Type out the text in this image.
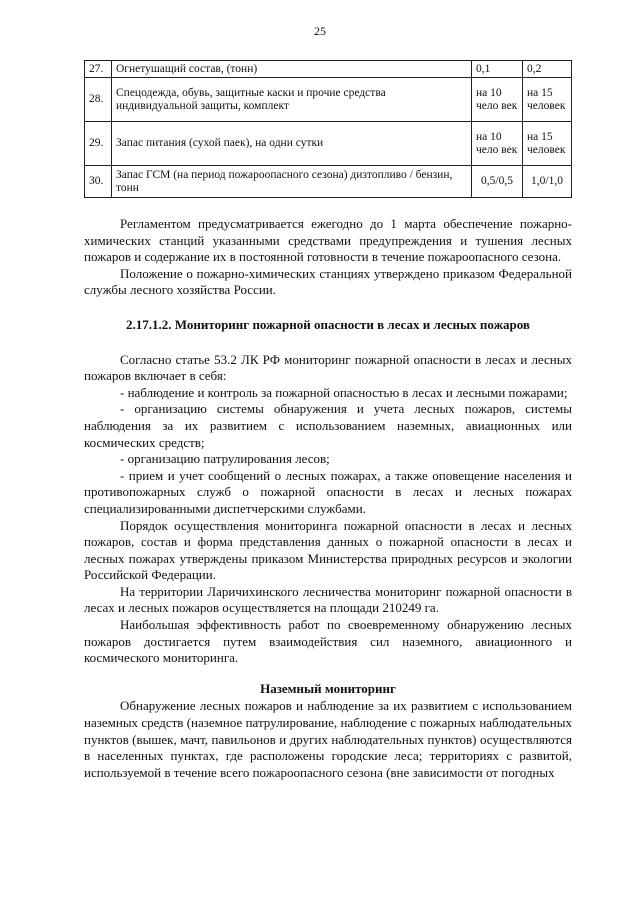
25
27.	Огнетушащий состав, (тонн)	0,1	0,2
28.	Спецодежда, обувь, защитные каски и прочие средства индивидуальной защиты, комплект	на 10 чело век	на 15 человек
29.	Запас питания (сухой паек), на одни сутки	на 10 чело век	на 15 человек
30.	Запас ГСМ (на период пожароопасного сезона) дизтопливо / бензин, тонн	0,5/0,5	1,0/1,0

Регламентом предусматривается ежегодно до 1 марта обеспечение пожарно-химических станций указанными средствами предупреждения и тушения лесных пожаров и содержание их в постоянной готовности в течение пожароопасного сезона.

Положение о пожарно-химических станциях утверждено приказом Федеральной службы лесного хозяйства России.

2.17.1.2. Мониторинг пожарной опасности в лесах и лесных пожаров

Согласно статье 53.2 ЛК РФ мониторинг пожарной опасности в лесах и лесных пожаров включает в себя:

- наблюдение и контроль за пожарной опасностью в лесах и лесными пожарами;

- организацию системы обнаружения и учета лесных пожаров, системы наблюдения за их развитием с использованием наземных, авиационных или космических средств;

- организацию патрулирования лесов;

- прием и учет сообщений о лесных пожарах, а также оповещение населения и противопожарных служб о пожарной опасности в лесах и лесных пожарах специализированными диспетчерскими службами.

Порядок осуществления мониторинга пожарной опасности в лесах и лесных пожаров, состав и форма представления данных о пожарной опасности в лесах и лесных пожарах утверждены приказом Министерства природных ресурсов и экологии Российской Федерации.

На территории Ларичихинского лесничества мониторинг пожарной опасности в лесах и лесных пожаров осуществляется на площади 210249 га.

Наибольшая эффективность работ по своевременному обнаружению лесных пожаров достигается путем взаимодействия сил наземного, авиационного и космического мониторинга.

Наземный мониторинг

Обнаружение лесных пожаров и наблюдение за их развитием с использованием наземных средств (наземное патрулирование, наблюдение с пожарных наблюдательных пунктов (вышек, мачт, павильонов и других наблюдательных пунктов) осуществляются в населенных пунктах, где расположены городские леса; территориях с развитой, используемой в течение всего пожароопасного сезона (вне зависимости от погодных
